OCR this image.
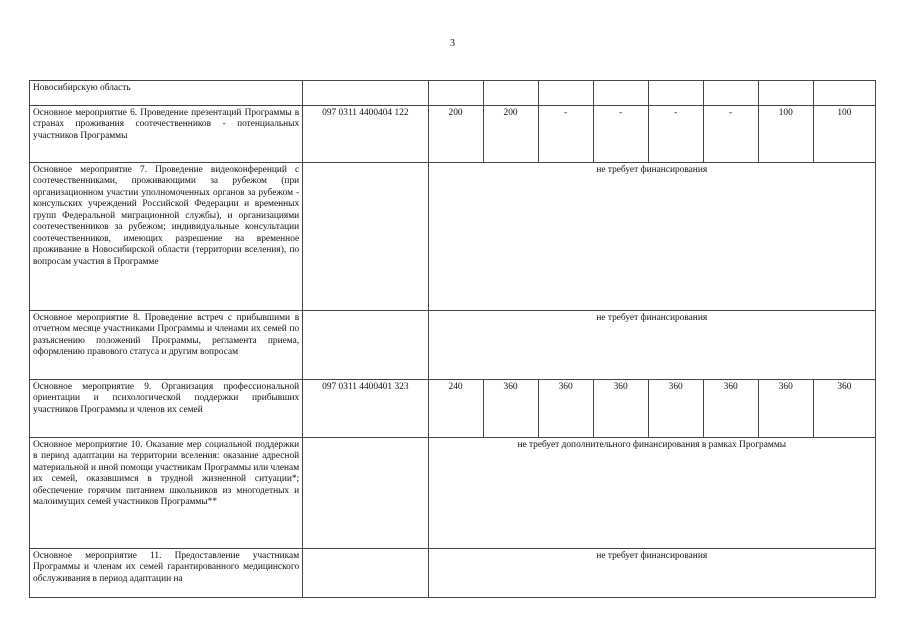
3
Новосибирскую область									
Основное мероприятие 6. Проведение презентаций Программы в странах проживания соотечественников - потенциальных участников Программы	097 0311 4400404 122	200	200	-	-	-	-	100	100
Основное мероприятие 7. Проведение видеоконференций с соотечественниками, проживающими за рубежом (при организационном участии уполномоченных органов за рубежом - консульских учреждений Российской Федерации и временных групп Федеральной миграционной службы), и организациями соотечественников за рубежом; индивидуальные консультации соотечественников, имеющих разрешение на временное проживание в Новосибирской области (территории вселения), по вопросам участия в Программе		не требует финансирования							
Основное мероприятие 8. Проведение встреч с прибывшими в отчетном месяце участниками Программы и членами их семей по разъяснению положений Программы, регламента приема, оформлению правового статуса и другим вопросам		не требует финансирования							
Основное мероприятие 9. Организация профессиональной ориентации и психологической поддержки прибывших участников Программы и членов их семей	097 0311 4400401 323	240	360	360	360	360	360	360	360
Основное мероприятие 10. Оказание мер социальной поддержки в период адаптации на территории вселения: оказание адресной материальной и иной помощи участникам Программы или членам их семей, оказавшимся в трудной жизненной ситуации*; обеспечение горячим питанием школьников из многодетных и малоимущих семей участников Программы**		не требует дополнительного финансирования в рамках Программы							
Основное мероприятие 11. Предоставление участникам Программы и членам их семей гарантированного медицинского обслуживания в период адаптации на		не требует финансирования							
